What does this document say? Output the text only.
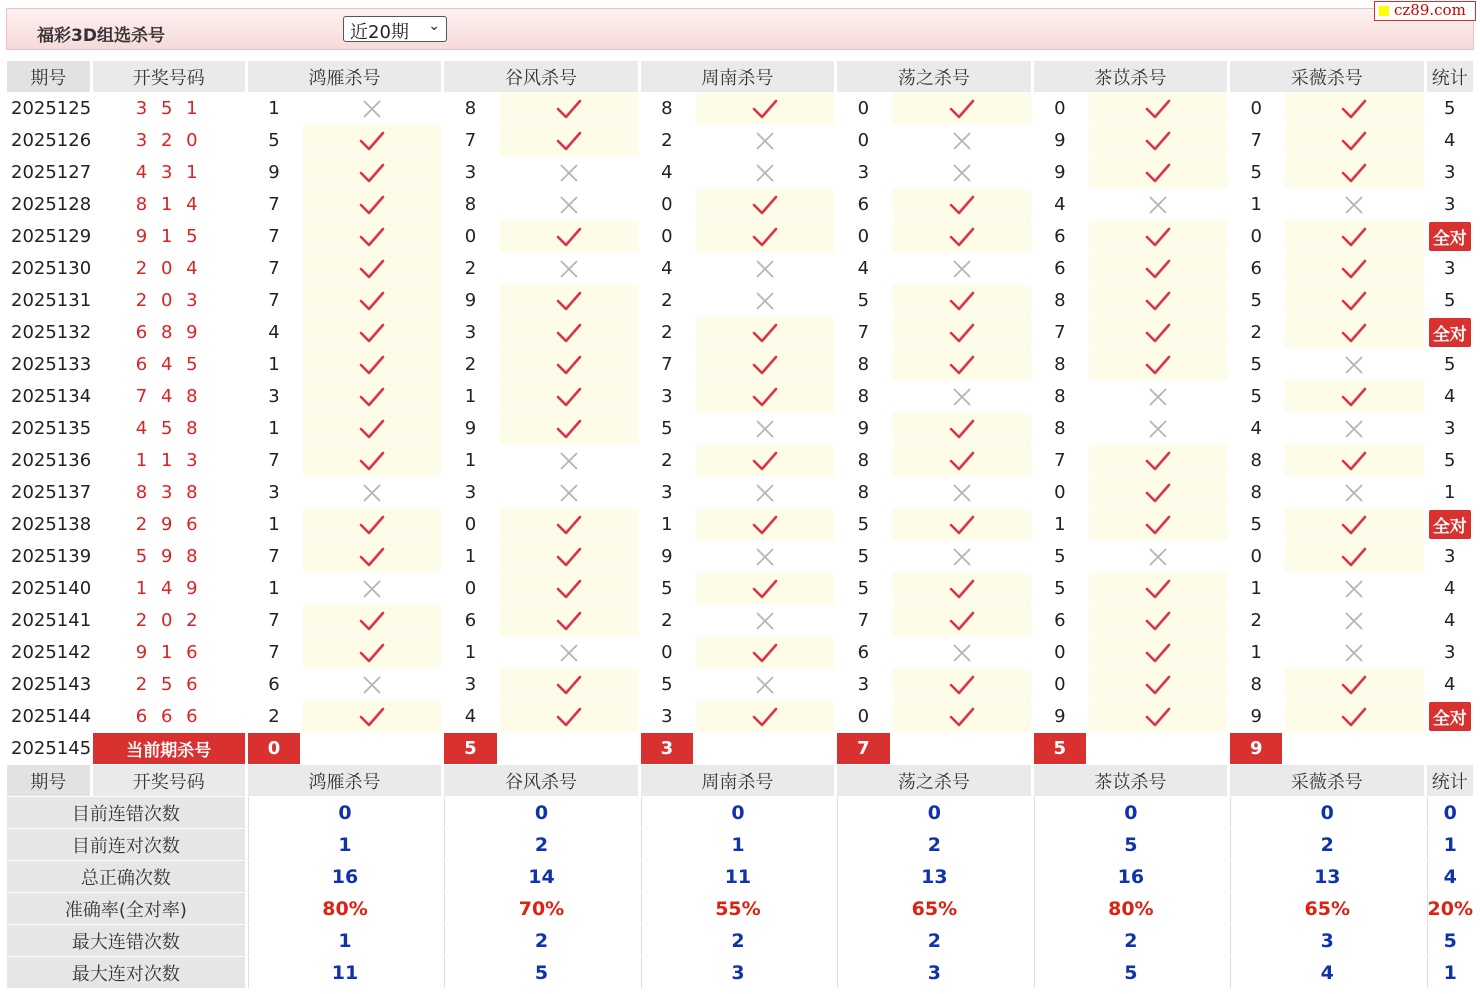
福彩3D组选杀号	近20期 ⌄
cz89.com
期号	开奖号码	鸿雁杀号		谷风杀号		周南杀号		荡之杀号		茶苡杀号		采薇杀号		统计
2025125	3 5 1	1		8		8		0		0		0		5
2025126	3 2 0	5		7		2		0		9		7		4
2025127	4 3 1	9		3		4		3		9		5		3
2025128	8 1 4	7		8		0		6		4		1		3
2025129	9 1 5	7		0		0		0		6		0		全对
2025130	2 0 4	7		2		4		4		6		6		3
2025131	2 0 3	7		9		2		5		8		5		5
2025132	6 8 9	4		3		2		7		7		2		全对
2025133	6 4 5	1		2		7		8		8		5		5
2025134	7 4 8	3		1		3		8		8		5		4
2025135	4 5 8	1		9		5		9		8		4		3
2025136	1 1 3	7		1		2		8		7		8		5
2025137	8 3 8	3		3		3		8		0		8		1
2025138	2 9 6	1		0		1		5		1		5		全对
2025139	5 9 8	7		1		9		5		5		0		3
2025140	1 4 9	1		0		5		5		5		1		4
2025141	2 0 2	7		6		2		7		6		2		4
2025142	9 1 6	7		1		0		6		0		1		3
2025143	2 5 6	6		3		5		3		0		8		4
2025144	6 6 6	2		4		3		0		9		9		全对
2025145	当前期杀号	0		5		3		7		5		9		
期号	开奖号码	鸿雁杀号		谷风杀号		周南杀号		荡之杀号		茶苡杀号		采薇杀号		统计
目前连错次数		0		0		0		0		0		0		0
目前连对次数		1		2		1		2		5		2		1
总正确次数		16		14		11		13		16		13		4
准确率(全对率)		80%		70%		55%		65%		80%		65%		20%
最大连错次数		1		2		2		2		2		3		5
最大连对次数		11		5		3		3		5		4		1
